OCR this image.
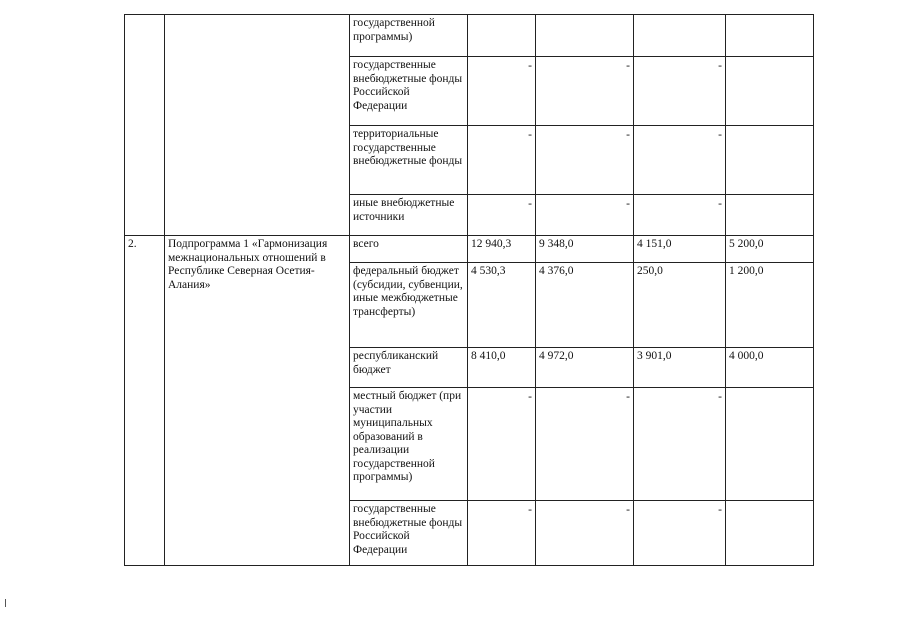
		государственной программы)				
		государственные внебюджетные фонды Российской Федерации	-	-	-	
		территориальные государственные внебюджетные фонды	-	-	-	
		иные внебюджетные источники	-	-	-	
2.	Подпрограмма 1 «Гармонизация межнациональных отношений в Республике Северная Осетия-Алания»	всего	12 940,3	9 348,0	4 151,0	5 200,0
		федеральный бюджет (субсидии, субвенции, иные межбюджетные трансферты)	4 530,3	4 376,0	250,0	1 200,0
		республиканский бюджет	8 410,0	4 972,0	3 901,0	4 000,0
		местный бюджет (при участии муниципальных образований в реализации государственной программы)	-	-	-	
		государственные внебюджетные фонды Российской Федерации	-	-	-	
